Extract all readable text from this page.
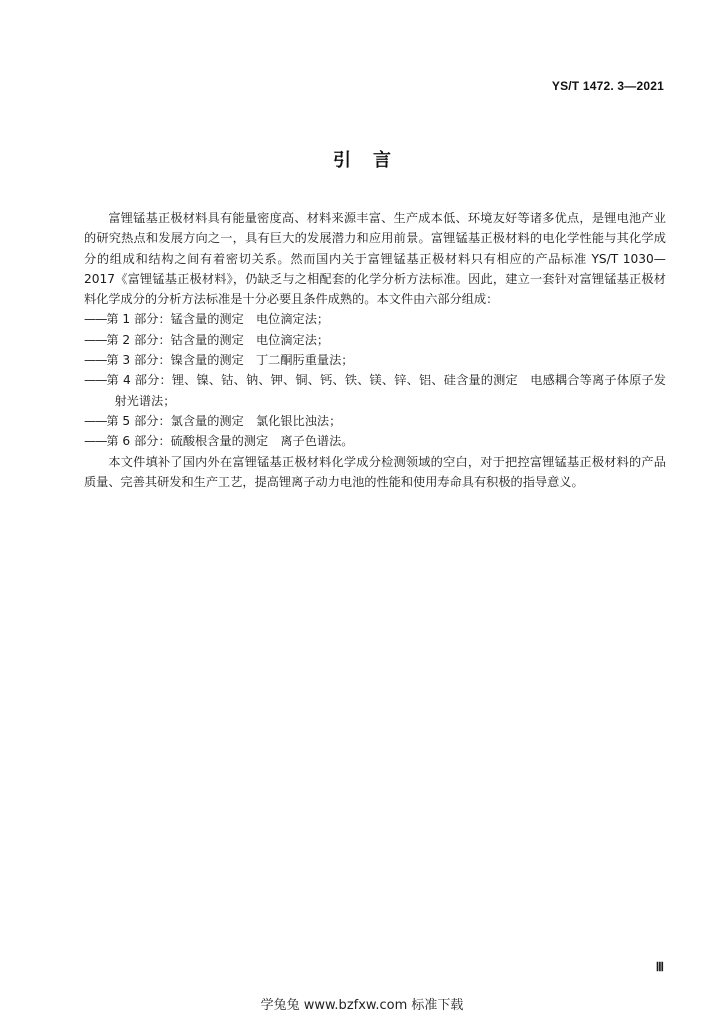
YS/T 1472. 3—2021
引言

富锂锰基正极材料具有能量密度高、材料来源丰富、生产成本低、环境友好等诸多优点，是锂电池产业的研究热点和发展方向之一，具有巨大的发展潜力和应用前景。富锂锰基正极材料的电化学性能与其化学成分的组成和结构之间有着密切关系。然而国内关于富锂锰基正极材料只有相应的产品标准 YS/T 1030—2017《富锂锰基正极材料》，仍缺乏与之相配套的化学分析方法标准。因此，建立一套针对富锂锰基正极材料化学成分的分析方法标准是十分必要且条件成熟的。本文件由六部分组成：

——第 1 部分：锰含量的测定　电位滴定法；

——第 2 部分：钴含量的测定　电位滴定法；

——第 3 部分：镍含量的测定　丁二酮肟重量法；

——第 4 部分：锂、镍、钴、钠、钾、铜、钙、铁、镁、锌、铝、硅含量的测定　电感耦合等离子体原子发射光谱法；

——第 5 部分：氯含量的测定　氯化银比浊法；

——第 6 部分：硫酸根含量的测定　离子色谱法。

本文件填补了国内外在富锂锰基正极材料化学成分检测领域的空白，对于把控富锂锰基正极材料的产品质量、完善其研发和生产工艺，提高锂离子动力电池的性能和使用寿命具有积极的指导意义。

Ⅲ
学兔兔 www.bzfxw.com 标准下载
